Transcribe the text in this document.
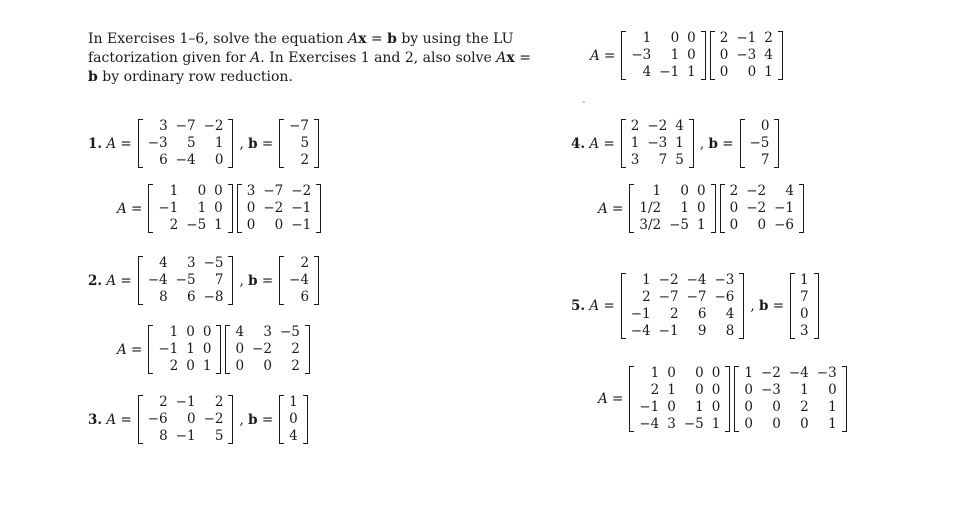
In Exercises 1–6, solve the equation Ax = b by using the LU factorization given for A. In Exercises 1 and 2, also solve Ax = b by ordinary row reduction.
-
1. A =
3	−7	−2
−3	5	1
6	−4	0
, b =
−7
5
2
A =
1	0	0
−1	1	0
2	−5	1
3	−7	−2
0	−2	−1
0	0	−1
2. A =
4	3	−5
−4	−5	7
8	6	−8
, b =
2
−4
6
A =
1	0	0
−1	1	0
2	0	1
4	3	−5
0	−2	2
0	0	2
3. A =
2	−1	2
−6	0	−2
8	−1	5
, b =
1
0
4
A =
1	0	0
−3	1	0
4	−1	1
2	−1	2
0	−3	4
0	0	1
4. A =
2	−2	4
1	−3	1
3	7	5
, b =
0
−5
7
A =
1	0	0
1/2	1	0
3/2	−5	1
2	−2	4
0	−2	−1
0	0	−6
5. A =
1	−2	−4	−3
2	−7	−7	−6
−1	2	6	4
−4	−1	9	8
, b =
1
7
0
3
A =
1	0	0	0
2	1	0	0
−1	0	1	0
−4	3	−5	1
1	−2	−4	−3
0	−3	1	0
0	0	2	1
0	0	0	1
